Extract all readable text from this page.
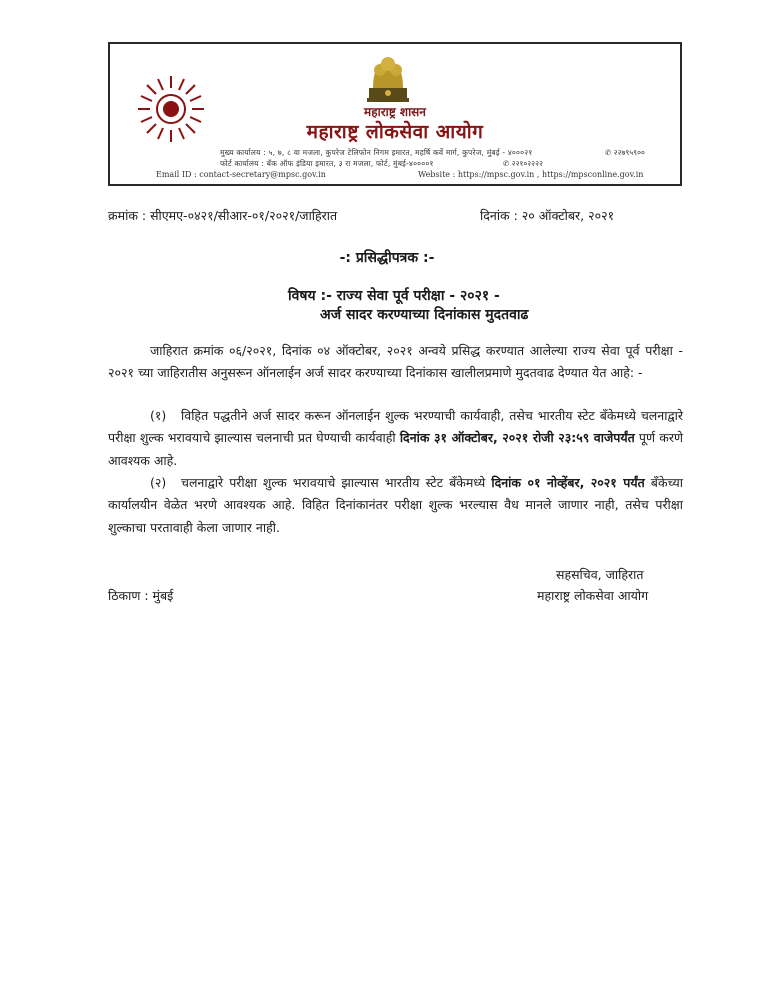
महाराष्ट्र शासन
महाराष्ट्र लोकसेवा आयोग
मुख्य कार्यालय : ५, ७, ८ वा मजला, कुपरेज टेलिफोन निगम इमारत, महर्षि कर्वे मार्ग, कुपरेज, मुंबई - ४०००२१	✆ २२७९५९००
फोर्ट कार्यालय : बँक ऑफ इंडिया इमारत, ३ रा मजला, फोर्ट, मुंबई-४००००१	✆ २२१०२२२२
Email ID : contact-secretary@mpsc.gov.in	Website : https://mpsc.gov.in , https://mpsconline.gov.in
क्रमांक : सीएमए-०४२१/सीआर-०१/२०२१/जाहिरात	दिनांक : २० ऑक्टोबर, २०२१
-: प्रसिद्धीपत्रक :-
विषय :- राज्य सेवा पूर्व परीक्षा - २०२१ -
अर्ज सादर करण्याच्या दिनांकास मुदतवाढ
जाहिरात क्रमांक ०६/२०२१, दिनांक ०४ ऑक्टोबर, २०२१ अन्वये प्रसिद्ध करण्यात आलेल्या राज्य सेवा पूर्व परीक्षा - २०२१ च्या जाहिरातीस अनुसरून ऑनलाईन अर्ज सादर करण्याच्या दिनांकास खालीलप्रमाणे मुदतवाढ देण्यात येत आहे: -
(१) विहित पद्धतीने अर्ज सादर करून ऑनलाईन शुल्क भरण्याची कार्यवाही, तसेच भारतीय स्टेट बँकेमध्ये चलनाद्वारे परीक्षा शुल्क भरावयाचे झाल्यास चलनाची प्रत घेण्याची कार्यवाही दिनांक ३१ ऑक्टोबर, २०२१ रोजी २३:५९ वाजेपर्यंत पूर्ण करणे आवश्यक आहे.
(२) चलनाद्वारे परीक्षा शुल्क भरावयाचे झाल्यास भारतीय स्टेट बँकेमध्ये दिनांक ०१ नोव्हेंबर, २०२१ पर्यंत बँकेच्या कार्यालयीन वेळेत भरणे आवश्यक आहे. विहित दिनांकानंतर परीक्षा शुल्क भरल्यास वैध मानले जाणार नाही, तसेच परीक्षा शुल्काचा परतावाही केला जाणार नाही.
सहसचिव, जाहिरात
महाराष्ट्र लोकसेवा आयोग
ठिकाण : मुंबई
